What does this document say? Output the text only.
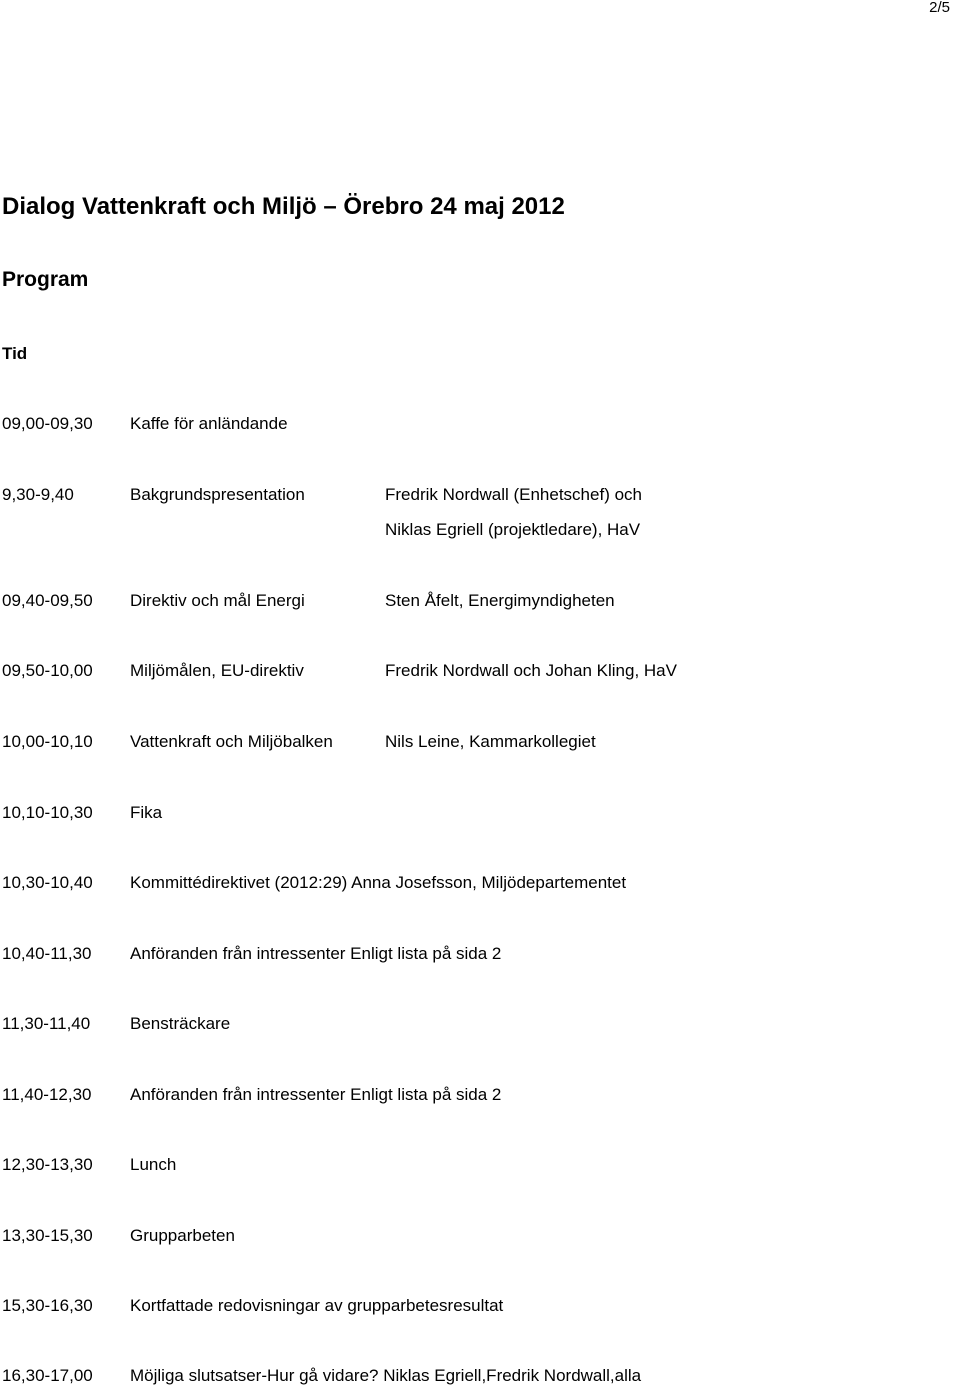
2/5
Dialog Vattenkraft och Miljö – Örebro 24 maj 2012
Program
Tid
09,00-09,30 Kaffe för anländande
9,30-9,40	Bakgrundspresentation	Fredrik Nordwall (Enhetschef) och
Niklas Egriell (projektledare), HaV
09,40-09,50 Direktiv och mål Energi	Sten Åfelt, Energimyndigheten
09,50-10,00 Miljömålen, EU-direktiv	Fredrik Nordwall och Johan Kling, HaV
10,00-10,10 Vattenkraft och Miljöbalken	Nils Leine, Kammarkollegiet
10,10-10,30 Fika
10,30-10,40 Kommittédirektivet (2012:29) Anna Josefsson, Miljödepartementet
10,40-11,30 Anföranden från intressenter Enligt lista på sida 2
11,30-11,40 Bensträckare
11,40-12,30 Anföranden från intressenter Enligt lista på sida 2
12,30-13,30 Lunch
13,30-15,30 Grupparbeten
15,30-16,30 Kortfattade redovisningar av grupparbetesresultat
16,30-17,00 Möjliga slutsatser-Hur gå vidare? Niklas Egriell,Fredrik Nordwall,alla
